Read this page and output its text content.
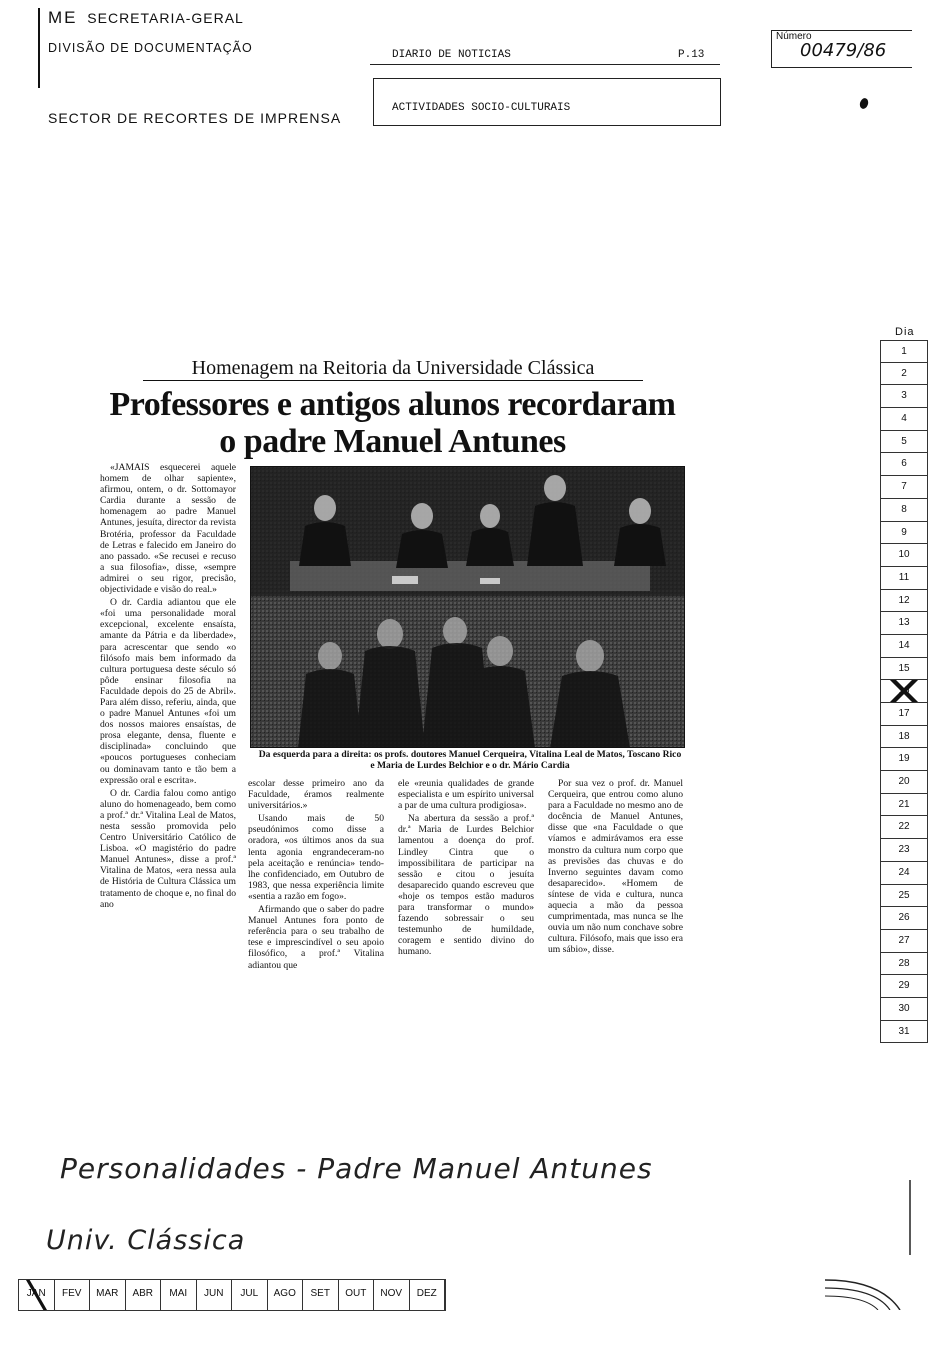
ME SECRETARIA-GERAL
DIVISÃO DE DOCUMENTAÇÃO
SECTOR DE RECORTES DE IMPRENSA
DIARIO DE NOTICIAS	P.13
ACTIVIDADES SOCIO-CULTURAIS
Número
00479/86
Dia
1
2
3
4
5
6
7
8
9
10
11
12
13
14
15
16
17
18
19
20
21
22
23
24
25
26
27
28
29
30
31
Homenagem na Reitoria da Universidade Clássica
Professores e antigos alunos recordaram o padre Manuel Antunes

«JAMAIS esquecerei aquele homem de olhar sapiente», afirmou, ontem, o dr. Sottomayor Cardia durante a sessão de homenagem ao padre Manuel Antunes, jesuíta, director da revista Brotéria, professor da Faculdade de Letras e falecido em Janeiro do ano passado. «Se recusei e recuso a sua filosofia», disse, «sempre admirei o seu rigor, precisão, objectividade e visão do real.»

O dr. Cardia adiantou que ele «foi uma personalidade moral excepcional, excelente ensaísta, amante da Pátria e da liberdade», para acrescentar que sendo «o filósofo mais bem informado da cultura portuguesa deste século só pôde ensinar filosofia na Faculdade depois do 25 de Abril». Para além disso, referiu, ainda, que o padre Manuel Antunes «foi um dos nossos maiores ensaístas, de prosa elegante, densa, fluente e disciplinada» concluindo que «poucos portugueses conheciam ou dominavam tanto e tão bem a expressão oral e escrita».

O dr. Cardia falou como antigo aluno do homenageado, bem como a prof.ª dr.ª Vitalina Leal de Matos, nesta sessão promovida pelo Centro Universitário Católico de Lisboa. «O magistério do padre Manuel Antunes», disse a prof.ª Vitalina de Matos, «era nessa aula de História de Cultura Clássica um tratamento de choque e, no final do ano

Da esquerda para a direita: os profs. doutores Manuel Cerqueira, Vitalina Leal de Matos, Toscano Rico e Maria de Lurdes Belchior e o dr. Mário Cardia

escolar desse primeiro ano da Faculdade, éramos realmente universitários.»

Usando mais de 50 pseudónimos como disse a oradora, «os últimos anos da sua lenta agonia engrandeceram-no pela aceitação e renúncia» tendo-lhe confidenciado, em Outubro de 1983, que nessa experiência limite «sentia a razão em fogo».

Afirmando que o saber do padre Manuel Antunes fora ponto de referência para o seu trabalho de tese e imprescindível o seu apoio filosófico, a prof.ª Vitalina adiantou que

ele «reunia qualidades de grande especialista e um espírito universal a par de uma cultura prodigiosa».

Na abertura da sessão a prof.ª dr.ª Maria de Lurdes Belchior lamentou a doença do prof. Lindley Cintra que o impossibilitara de participar na sessão e citou o jesuíta desaparecido quando escreveu que «hoje os tempos estão maduros para transformar o mundo» fazendo sobressair o seu testemunho de humildade, coragem e sentido divino do humano.

Por sua vez o prof. dr. Manuel Cerqueira, que entrou como aluno para a Faculdade no mesmo ano de docência de Manuel Antunes, disse que «na Faculdade o que víamos e admirávamos era esse monstro da cultura num corpo que as previsões das chuvas e do Inverno seguintes davam como desaparecido». «Homem de síntese de vida e cultura, nunca aquecia a mão da pessoa cumprimentada, mas nunca se lhe ouvia um não num conchave sobre cultura. Filósofo, mais que isso era um sábio», disse.

Personalidades - Padre Manuel Antunes
Univ. Clássica
JAN	FEV	MAR	ABR	MAI	JUN	JUL	AGO	SET	OUT	NOV	DEZ
